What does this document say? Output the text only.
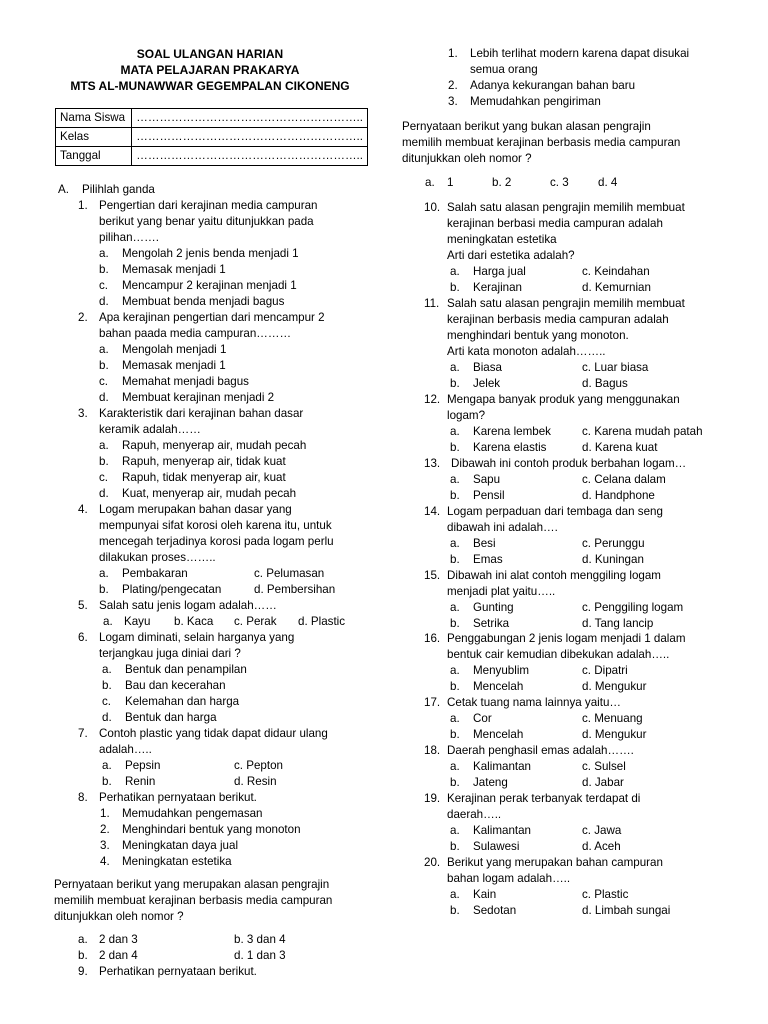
SOAL ULANGAN HARIAN
MATA PELAJARAN PRAKARYA
MTS AL-MUNAWWAR GEGEMPALAN CIKONENG
Nama Siswa	…………………………………………………..
Kelas	…………………………………………………..
Tanggal	…………………………………………………..
A. Pilihlah ganda
1. Pengertian dari kerajinan media campuran
berikut yang benar yaitu ditunjukkan pada
pilihan…….
a. Mengolah 2 jenis benda menjadi 1
b. Memasak menjadi 1
c. Mencampur 2 kerajinan menjadi 1
d. Membuat benda menjadi bagus
2. Apa kerajinan pengertian dari mencampur 2
bahan paada media campuran………
a. Mengolah menjadi 1
b. Memasak menjadi 1
c. Memahat menjadi bagus
d. Membuat kerajinan menjadi 2
3. Karakteristik dari kerajinan bahan dasar
keramik adalah……
a. Rapuh, menyerap air, mudah pecah
b. Rapuh, menyerap air, tidak kuat
c. Rapuh, tidak menyerap air, kuat
d. Kuat, menyerap air, mudah pecah
4. Logam merupakan bahan dasar yang
mempunyai sifat korosi oleh karena itu, untuk
mencegah terjadinya korosi pada logam perlu
dilakukan proses……..
a. Pembakaran	c. Pelumasan
b. Plating/pengecatan	d. Pembersihan
5. Salah satu jenis logam adalah……
a. Kayu b. Kaca c. Perak d. Plastic
6. Logam diminati, selain harganya yang
terjangkau juga diniai dari ?
a. Bentuk dan penampilan
b. Bau dan kecerahan
c. Kelemahan dan harga
d. Bentuk dan harga
7. Contoh plastic yang tidak dapat didaur ulang
adalah…..
a. Pepsin	c. Pepton
b. Renin	d. Resin
8. Perhatikan pernyataan berikut.
1. Memudahkan pengemasan
2. Menghindari bentuk yang monoton
3. Meningkatan daya jual
4. Meningkatan estetika
Pernyataan berikut yang merupakan alasan pengrajin
memilih membuat kerajinan berbasis media campuran
ditunjukkan oleh nomor ?
a. 2 dan 3	b. 3 dan 4
b. 2 dan 4	d. 1 dan 3
9. Perhatikan pernyataan berikut.
1. Lebih terlihat modern karena dapat disukai
semua orang
2. Adanya kekurangan bahan baru
3. Memudahkan pengiriman
Pernyataan berikut yang bukan alasan pengrajin
memilih membuat kerajinan berbasis media campuran
ditunjukkan oleh nomor ?
a. 1	b. 2	c. 3	d. 4
10. Salah satu alasan pengrajin memilih membuat
kerajinan berbasi media campuran adalah
meningkatan estetika
Arti dari estetika adalah?
a. Harga jual	c. Keindahan
b. Kerajinan	d. Kemurnian
11. Salah satu alasan pengrajin memilih membuat
kerajinan berbasis media campuran adalah
menghindari bentuk yang monoton.
Arti kata monoton adalah……..
a. Biasa	c. Luar biasa
b. Jelek	d. Bagus
12. Mengapa banyak produk yang menggunakan
logam?
a. Karena lembek	c. Karena mudah patah
b. Karena elastis	d. Karena kuat
13. Dibawah ini contoh produk berbahan logam…
a. Sapu	c. Celana dalam
b. Pensil	d. Handphone
14. Logam perpaduan dari tembaga dan seng
dibawah ini adalah….
a. Besi	c. Perunggu
b. Emas	d. Kuningan
15. Dibawah ini alat contoh menggiling logam
menjadi plat yaitu…..
a. Gunting	c. Penggiling logam
b. Setrika	d. Tang lancip
16. Penggabungan 2 jenis logam menjadi 1 dalam
bentuk cair kemudian dibekukan adalah…..
a. Menyublim	c. Dipatri
b. Mencelah	d. Mengukur
17. Cetak tuang nama lainnya yaitu…
a. Cor	c. Menuang
b. Mencelah	d. Mengukur
18. Daerah penghasil emas adalah…….
a. Kalimantan	c. Sulsel
b. Jateng	d. Jabar
19. Kerajinan perak terbanyak terdapat di
daerah…..
a. Kalimantan	c. Jawa
b. Sulawesi	d. Aceh
20. Berikut yang merupakan bahan campuran
bahan logam adalah…..
a. Kain	c. Plastic
b. Sedotan	d. Limbah sungai
